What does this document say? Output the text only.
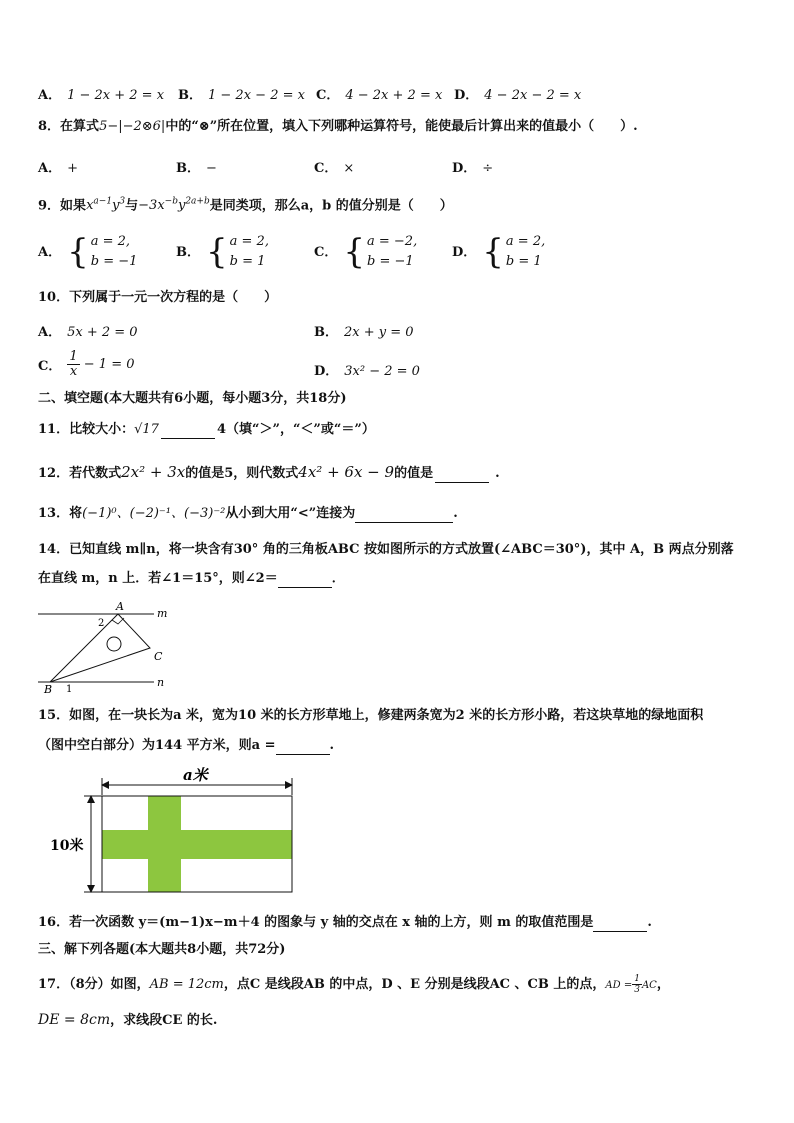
A． 1 − 2x + 2 = x B． 1 − 2x − 2 = x C． 4 − 2x + 2 = x D． 4 − 2x − 2 = x
8．在算式5−|−2⊗6|中的“⊗”所在位置，填入下列哪种运算符号，能使最后计算出来的值最小（　　）.
A． +	B． −	C． ×	D． ÷
9．如果$x^{a-1}y^3$与$-3x^{-b}y^{2a+b}$是同类项，那么a，b 的值分别是（　　）
A． { a = 2,
b = −1
B． { a = 2,
b = 1
C． { a = −2,
b = −1
D． { a = 2,
b = 1
10．下列属于一元一次方程的是（　　）
A． 5x + 2 = 0	B． 2x + y = 0
C． $\frac{1}{x} - 1 = 0$	D． 3x² − 2 = 0
二、填空题(本大题共有6小题，每小题3分，共18分)
11．比较大小：√17	4（填“＞”，“＜”或“＝”）
12．若代数式2x² + 3x的值是5，则代数式4x² + 6x − 9的值是	.
13．将(−1)⁰、(−2)⁻¹、(−3)⁻²从小到大用“<”连接为	.
14．已知直线 m∥n，将一块含有30° 角的三角板ABC 按如图所示的方式放置(∠ABC＝30°)，其中 A，B 两点分别落
在直线 m，n 上．若∠1＝15°，则∠2＝	．
A
B
C
m
n
1
2
15．如图，在一块长为a 米，宽为10 米的长方形草地上，修建两条宽为2 米的长方形小路，若这块草地的绿地面积
（图中空白部分）为144 平方米，则a =	.
a米
10米
16．若一次函数 y＝(m−1)x−m＋4 的图象与 y 轴的交点在 x 轴的上方，则 m 的取值范围是	.
三、解下列各题(本大题共8小题，共72分)
17．（8分）如图，AB = 12cm，点C 是线段AB 的中点，D 、E 分别是线段AC 、CB 上的点，AD = $\frac{1}{3}$ AC，
DE = 8cm，求线段CE 的长.
